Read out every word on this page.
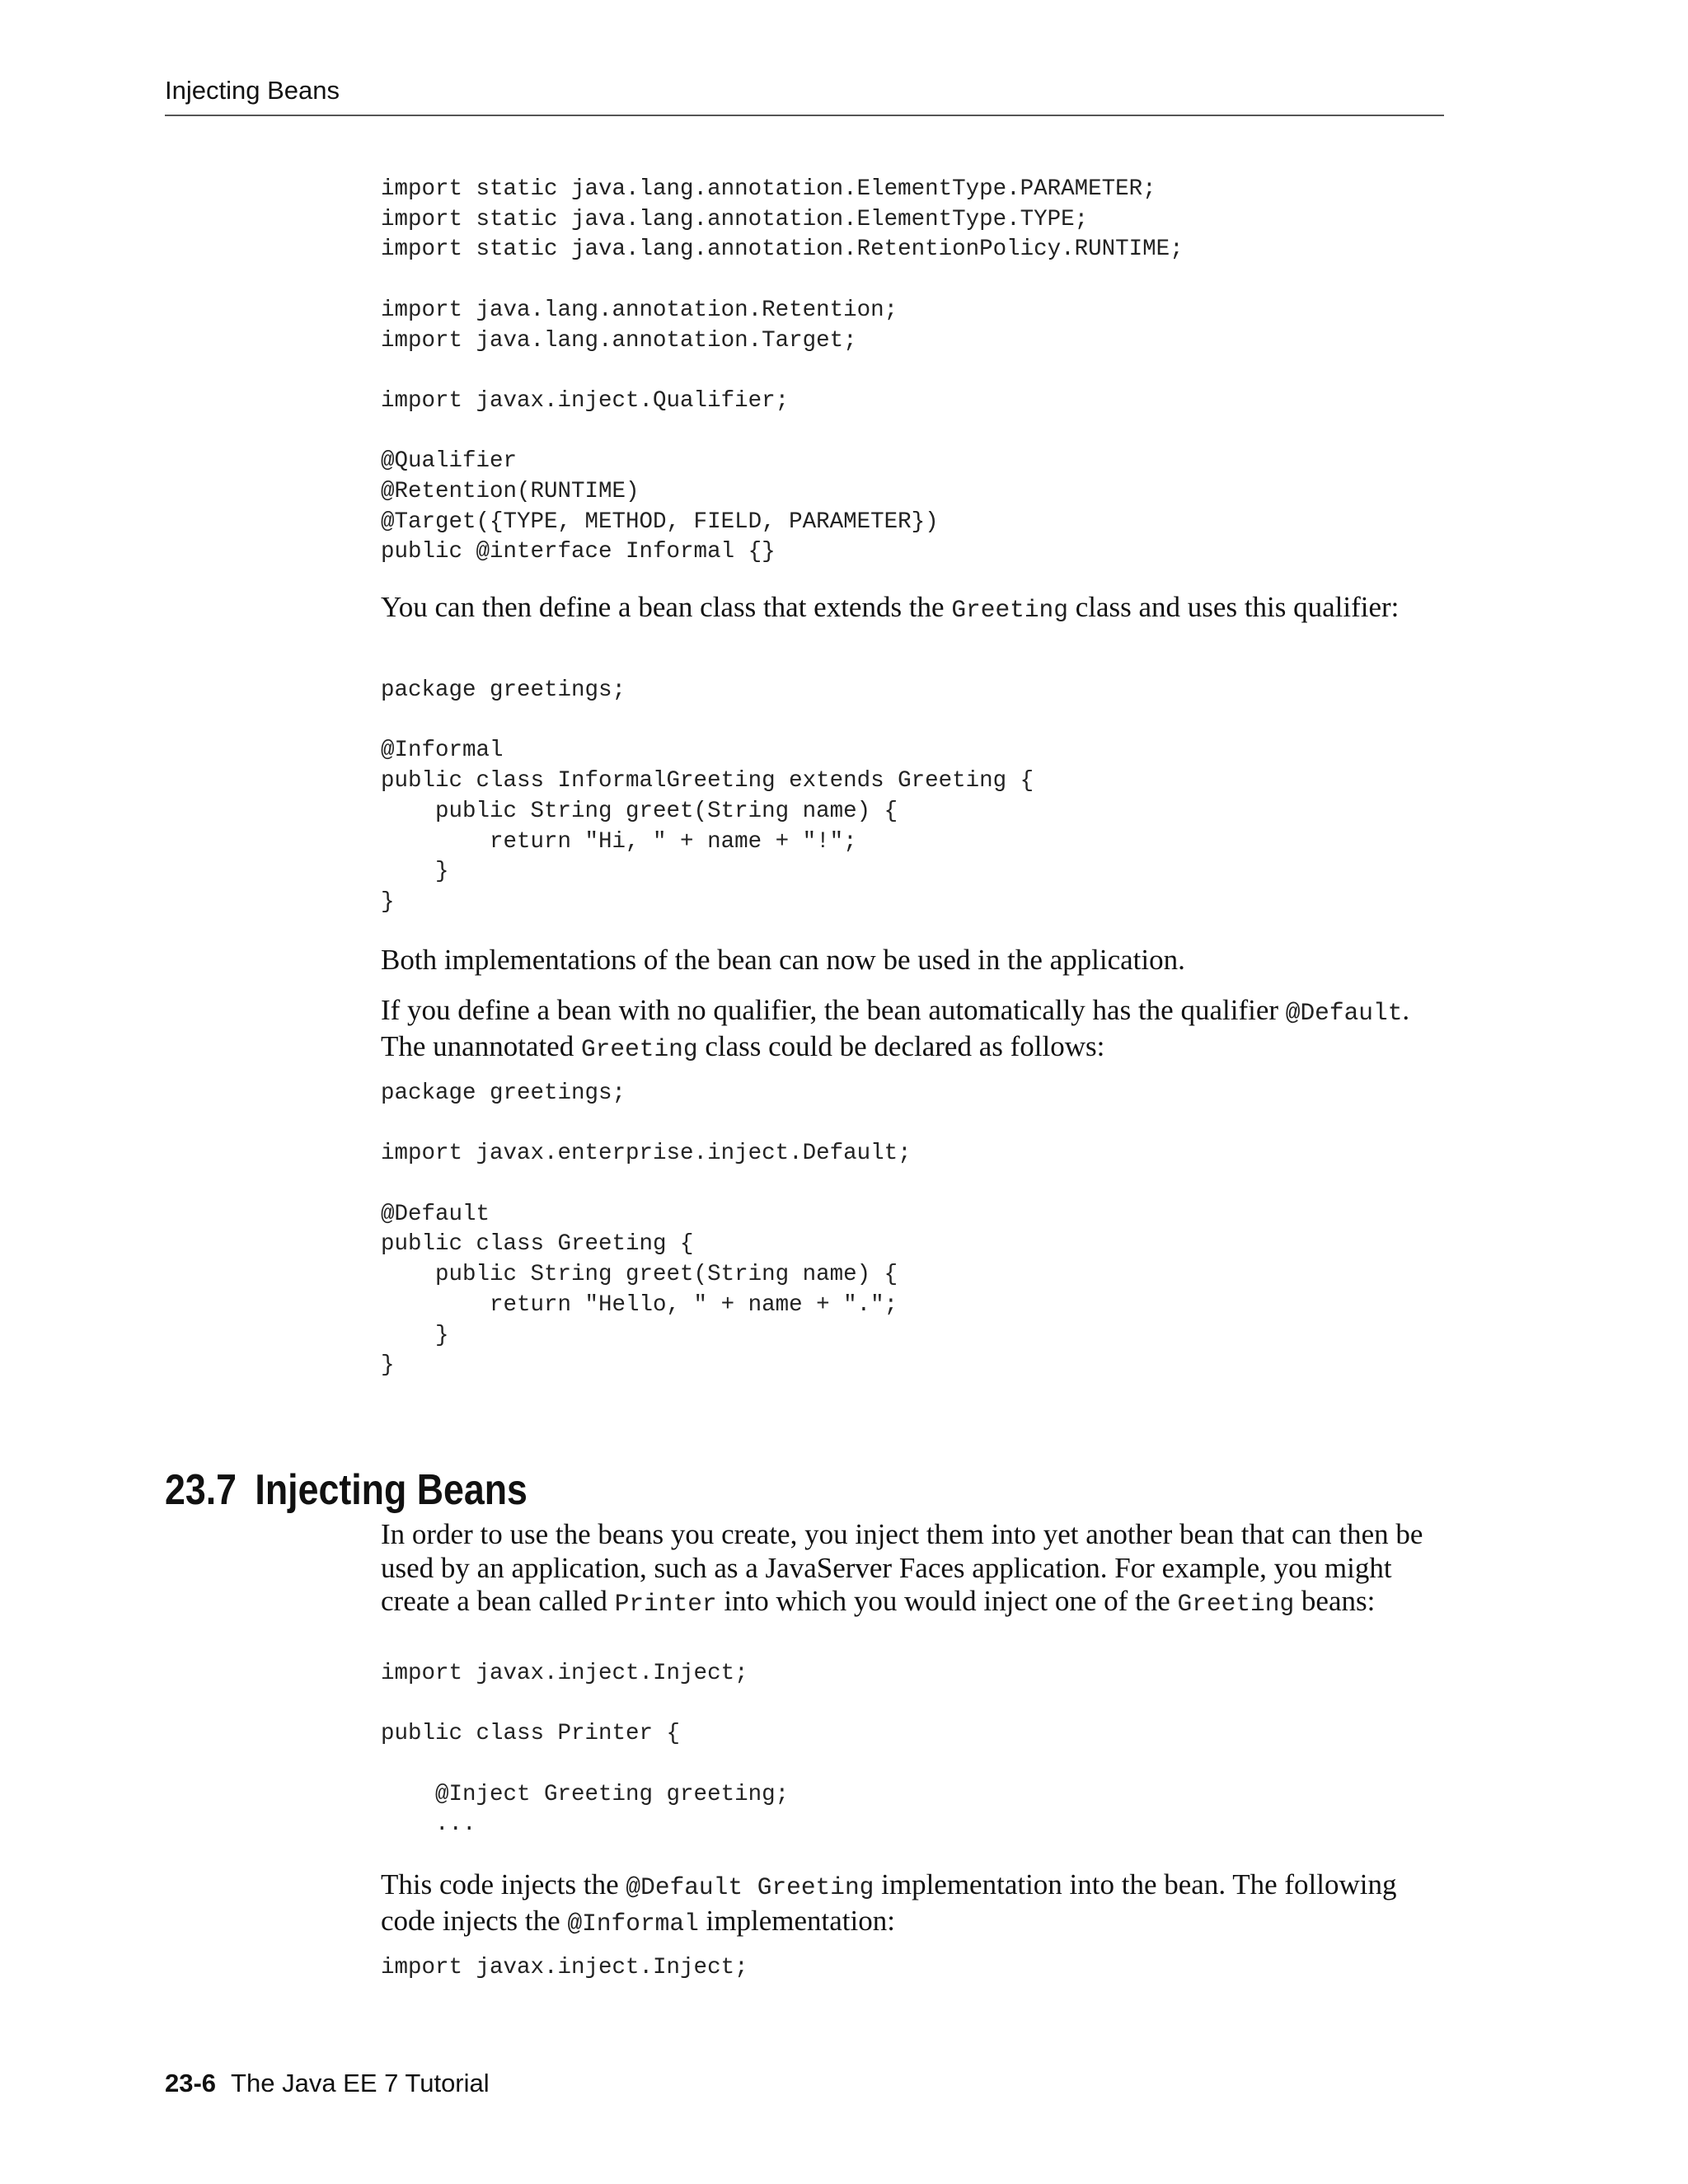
Injecting Beans
import static java.lang.annotation.ElementType.PARAMETER;
import static java.lang.annotation.ElementType.TYPE;
import static java.lang.annotation.RetentionPolicy.RUNTIME;
import java.lang.annotation.Retention;
import java.lang.annotation.Target;
import javax.inject.Qualifier;
@Qualifier
@Retention(RUNTIME)
@Target({TYPE, METHOD, FIELD, PARAMETER})
public @interface Informal {}

You can then define a bean class that extends the Greeting class and uses this qualifier:

package greetings;
@Informal
public class InformalGreeting extends Greeting {
public String greet(String name) {
return "Hi, " + name + "!";
}
}

Both implementations of the bean can now be used in the application.

If you define a bean with no qualifier, the bean automatically has the qualifier @Default. The unannotated Greeting class could be declared as follows:

package greetings;
import javax.enterprise.inject.Default;
@Default
public class Greeting {
public String greet(String name) {
return "Hello, " + name + ".";
}
}
23.7 Injecting Beans

In order to use the beans you create, you inject them into yet another bean that can then be used by an application, such as a JavaServer Faces application. For example, you might create a bean called Printer into which you would inject one of the Greeting beans:

import javax.inject.Inject;
public class Printer {
@Inject Greeting greeting;
...

This code injects the @Default Greeting implementation into the bean. The following code injects the @Informal implementation:

import javax.inject.Inject;
23-6 The Java EE 7 Tutorial
